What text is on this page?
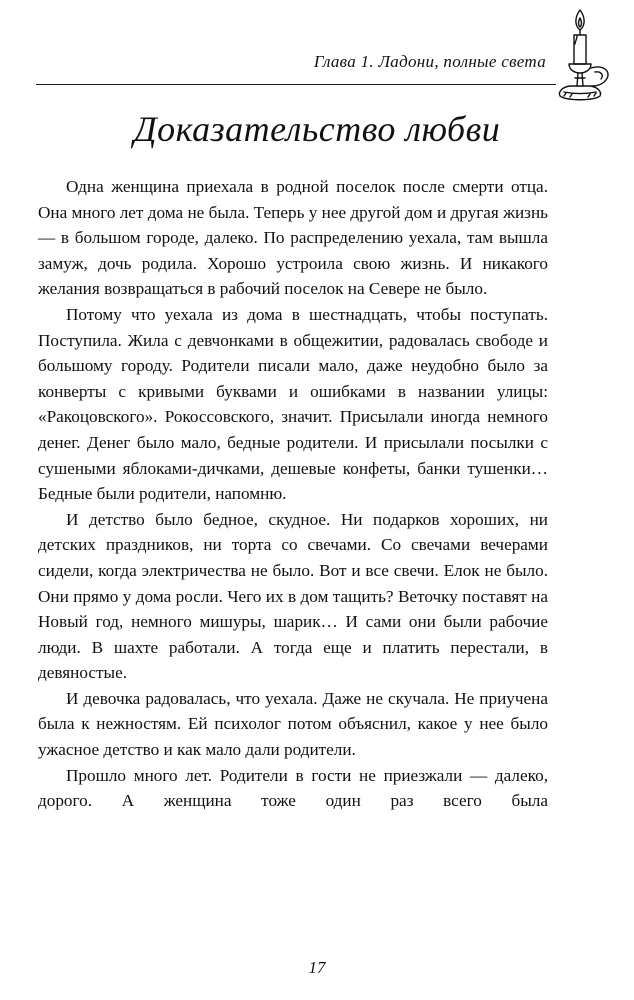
Глава 1. Ладони, полные света
Доказательство любви

Одна женщина приехала в родной поселок после смерти отца. Она много лет дома не была. Теперь у нее другой дом и другая жизнь — в большом городе, далеко. По распределению уехала, там вышла замуж, дочь родила. Хорошо устроила свою жизнь. И никакого желания возвращаться в рабочий поселок на Севере не было.

Потому что уехала из дома в шестнадцать, чтобы поступать. Поступила. Жила с девчонками в общежитии, радовалась свободе и большому городу. Родители писали мало, даже неудобно было за конверты с кривыми буквами и ошибками в названии улицы: «Ракоцовского». Рокоссовского, значит. Присылали иногда немного денег. Денег было мало, бедные родители. И присылали посылки с сушеными яблоками-дичками, дешевые конфеты, банки тушенки… Бедные были родители, напомню.

И детство было бедное, скудное. Ни подарков хороших, ни детских праздников, ни торта со свечами. Со свечами вечерами сидели, когда электричества не было. Вот и все свечи. Елок не было. Они прямо у дома росли. Чего их в дом тащить? Веточку поставят на Новый год, немного мишуры, шарик… И сами они были рабочие люди. В шахте работали. А тогда еще и платить перестали, в девяностые.

И девочка радовалась, что уехала. Даже не скучала. Не приучена была к нежностям. Ей психолог потом объяснил, какое у нее было ужасное детство и как мало дали родители.

Прошло много лет. Родители в гости не приезжали — далеко, дорого. А женщина тоже один раз всего была

17
